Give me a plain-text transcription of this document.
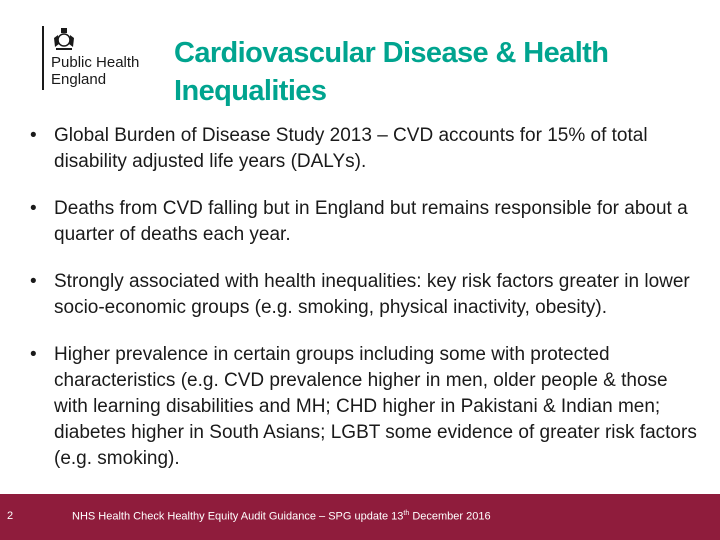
Public Health
England
Cardiovascular Disease & Health
Inequalities
• Global Burden of Disease Study 2013 – CVD accounts for 15% of total disability adjusted life years (DALYs).
• Deaths from CVD falling but in England but remains responsible for about a quarter of deaths each year.
• Strongly associated with health inequalities: key risk factors greater in lower socio-economic groups (e.g. smoking, physical inactivity, obesity).
• Higher prevalence in certain groups including some with protected characteristics (e.g. CVD prevalence higher in men, older people & those with learning disabilities and MH; CHD higher in Pakistani & Indian men; diabetes higher in South Asians; LGBT some evidence of greater risk factors (e.g. smoking).
2	NHS Health Check Healthy Equity Audit Guidance – SPG update 13th December 2016
